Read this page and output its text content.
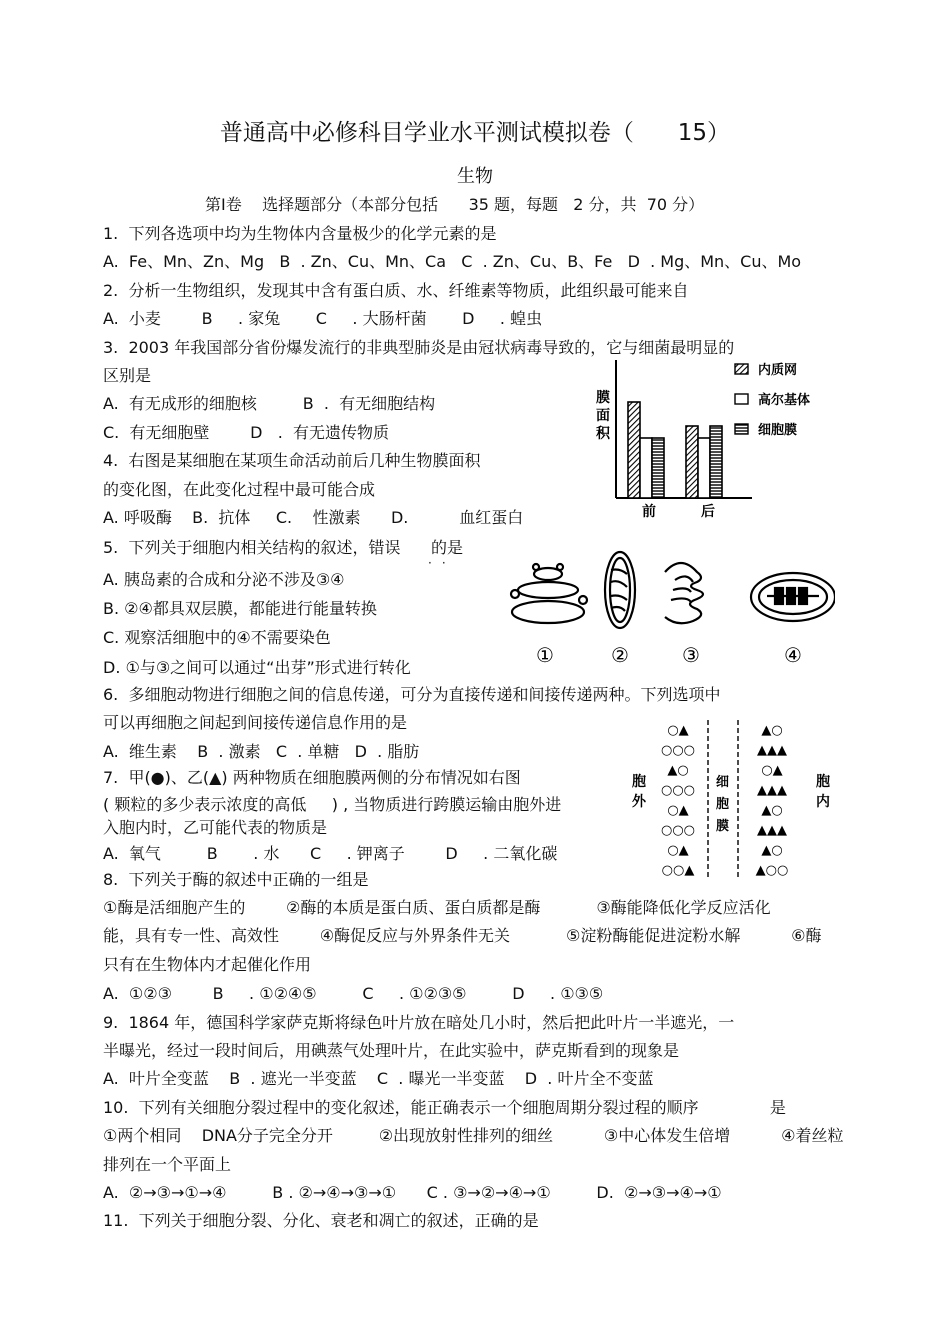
普通高中必修科目学业水平测试模拟卷（      15）
生物
第Ⅰ卷    选择题部分（本部分包括      35 题，每题   2 分，共  70 分）
1.  下列各选项中均为生物体内含量极少的化学元素的是
A.  Fe、Mn、Zn、Mg   B  . Zn、Cu、Mn、Ca   C  . Zn、Cu、B、Fe   D  . Mg、Mn、Cu、Mo
2.  分析一生物组织，发现其中含有蛋白质、水、纤维素等物质，此组织最可能来自
A.  小麦        B     . 家兔       C     . 大肠杆菌       D     . 蝗虫
3.  2003 年我国部分省份爆发流行的非典型肺炎是由冠状病毒导致的，它与细菌最明显的
区别是
A.  有无成形的细胞核         B  .  有无细胞结构
C.  有无细胞壁        D   .  有无遗传物质
4.  右图是某细胞在某项生命活动前后几种生物膜面积
的变化图，在此变化过程中最可能合成
A. 呼吸酶    B.  抗体     C.    性激素      D.          血红蛋白
5.  下列关于细胞内相关结构的叙述，错误      的是
A. 胰岛素的合成和分泌不涉及③④
B. ②④都具双层膜，都能进行能量转换
C. 观察活细胞中的④不需要染色
D. ①与③之间可以通过“出芽”形式进行转化
6.  多细胞动物进行细胞之间的信息传递，可分为直接传递和间接传递两种。下列选项中
可以再细胞之间起到间接传递信息作用的是
A.  维生素    B  . 激素   C  . 单糖   D  . 脂肪
7.  甲(●)、乙(▲) 两种物质在细胞膜两侧的分布情况如右图
( 颗粒的多少表示浓度的高低     ) , 当物质进行跨膜运输由胞外进
入胞内时，乙可能代表的物质是
A.  氧气         B       . 水      C     . 钾离子        D     . 二氧化碳
8.  下列关于酶的叙述中正确的一组是
①酶是活细胞产生的        ②酶的本质是蛋白质、蛋白质都是酶           ③酶能降低化学反应活化
能，具有专一性、高效性        ④酶促反应与外界条件无关           ⑤淀粉酶能促进淀粉水解          ⑥酶
只有在生物体内才起催化作用
A.  ①②③        B     . ①②④⑤         C     . ①②③⑤         D     . ①③⑤
9.  1864 年，德国科学家萨克斯将绿色叶片放在暗处几小时，然后把此叶片一半遮光，一
半曝光，经过一段时间后，用碘蒸气处理叶片，在此实验中，萨克斯看到的现象是
A.  叶片全变蓝    B  . 遮光一半变蓝    C  . 曝光一半变蓝    D  . 叶片全不变蓝
10.  下列有关细胞分裂过程中的变化叙述，能正确表示一个细胞周期分裂过程的顺序              是
①两个相同    DNA分子完全分开         ②出现放射性排列的细丝          ③中心体发生倍增          ④着丝粒
排列在一个平面上
A.  ②→③→①→④         B . ②→④→③→①      C . ③→②→④→①         D.  ②→③→④→①
11.  下列关于细胞分裂、分化、衰老和凋亡的叙述，正确的是
··
膜
面
积
前	后
内质网
高尔基体
细胞膜
①	②	③	④
胞
外
细
胞
膜
胞
内
○▲
○○○
▲○
○○○
○▲
○○○
○▲
○○▲
▲○
▲▲▲
○▲
▲▲▲
▲○
▲▲▲
▲○
▲○○
